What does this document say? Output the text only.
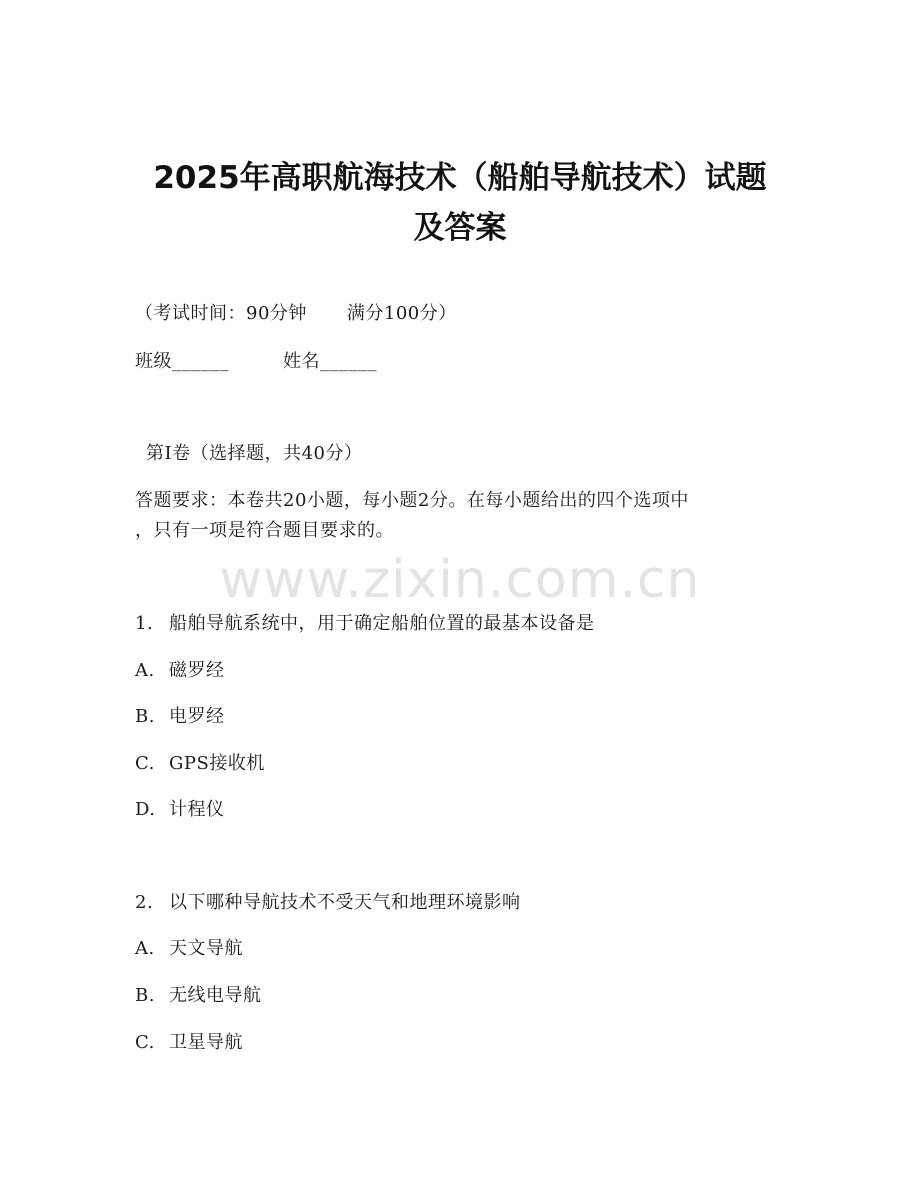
2025年高职航海技术（船舶导航技术）试题
及答案
（考试时间：90分钟 满分100分）
班级______	姓名______
第I卷（选择题，共40分）
答题要求：本卷共20小题，每小题2分。在每小题给出的四个选项中
，只有一项是符合题目要求的。
www.zixin.com.cn
1. 船舶导航系统中，用于确定船舶位置的最基本设备是
A. 磁罗经
B. 电罗经
C. GPS接收机
D. 计程仪
2. 以下哪种导航技术不受天气和地理环境影响
A. 天文导航
B. 无线电导航
C. 卫星导航
